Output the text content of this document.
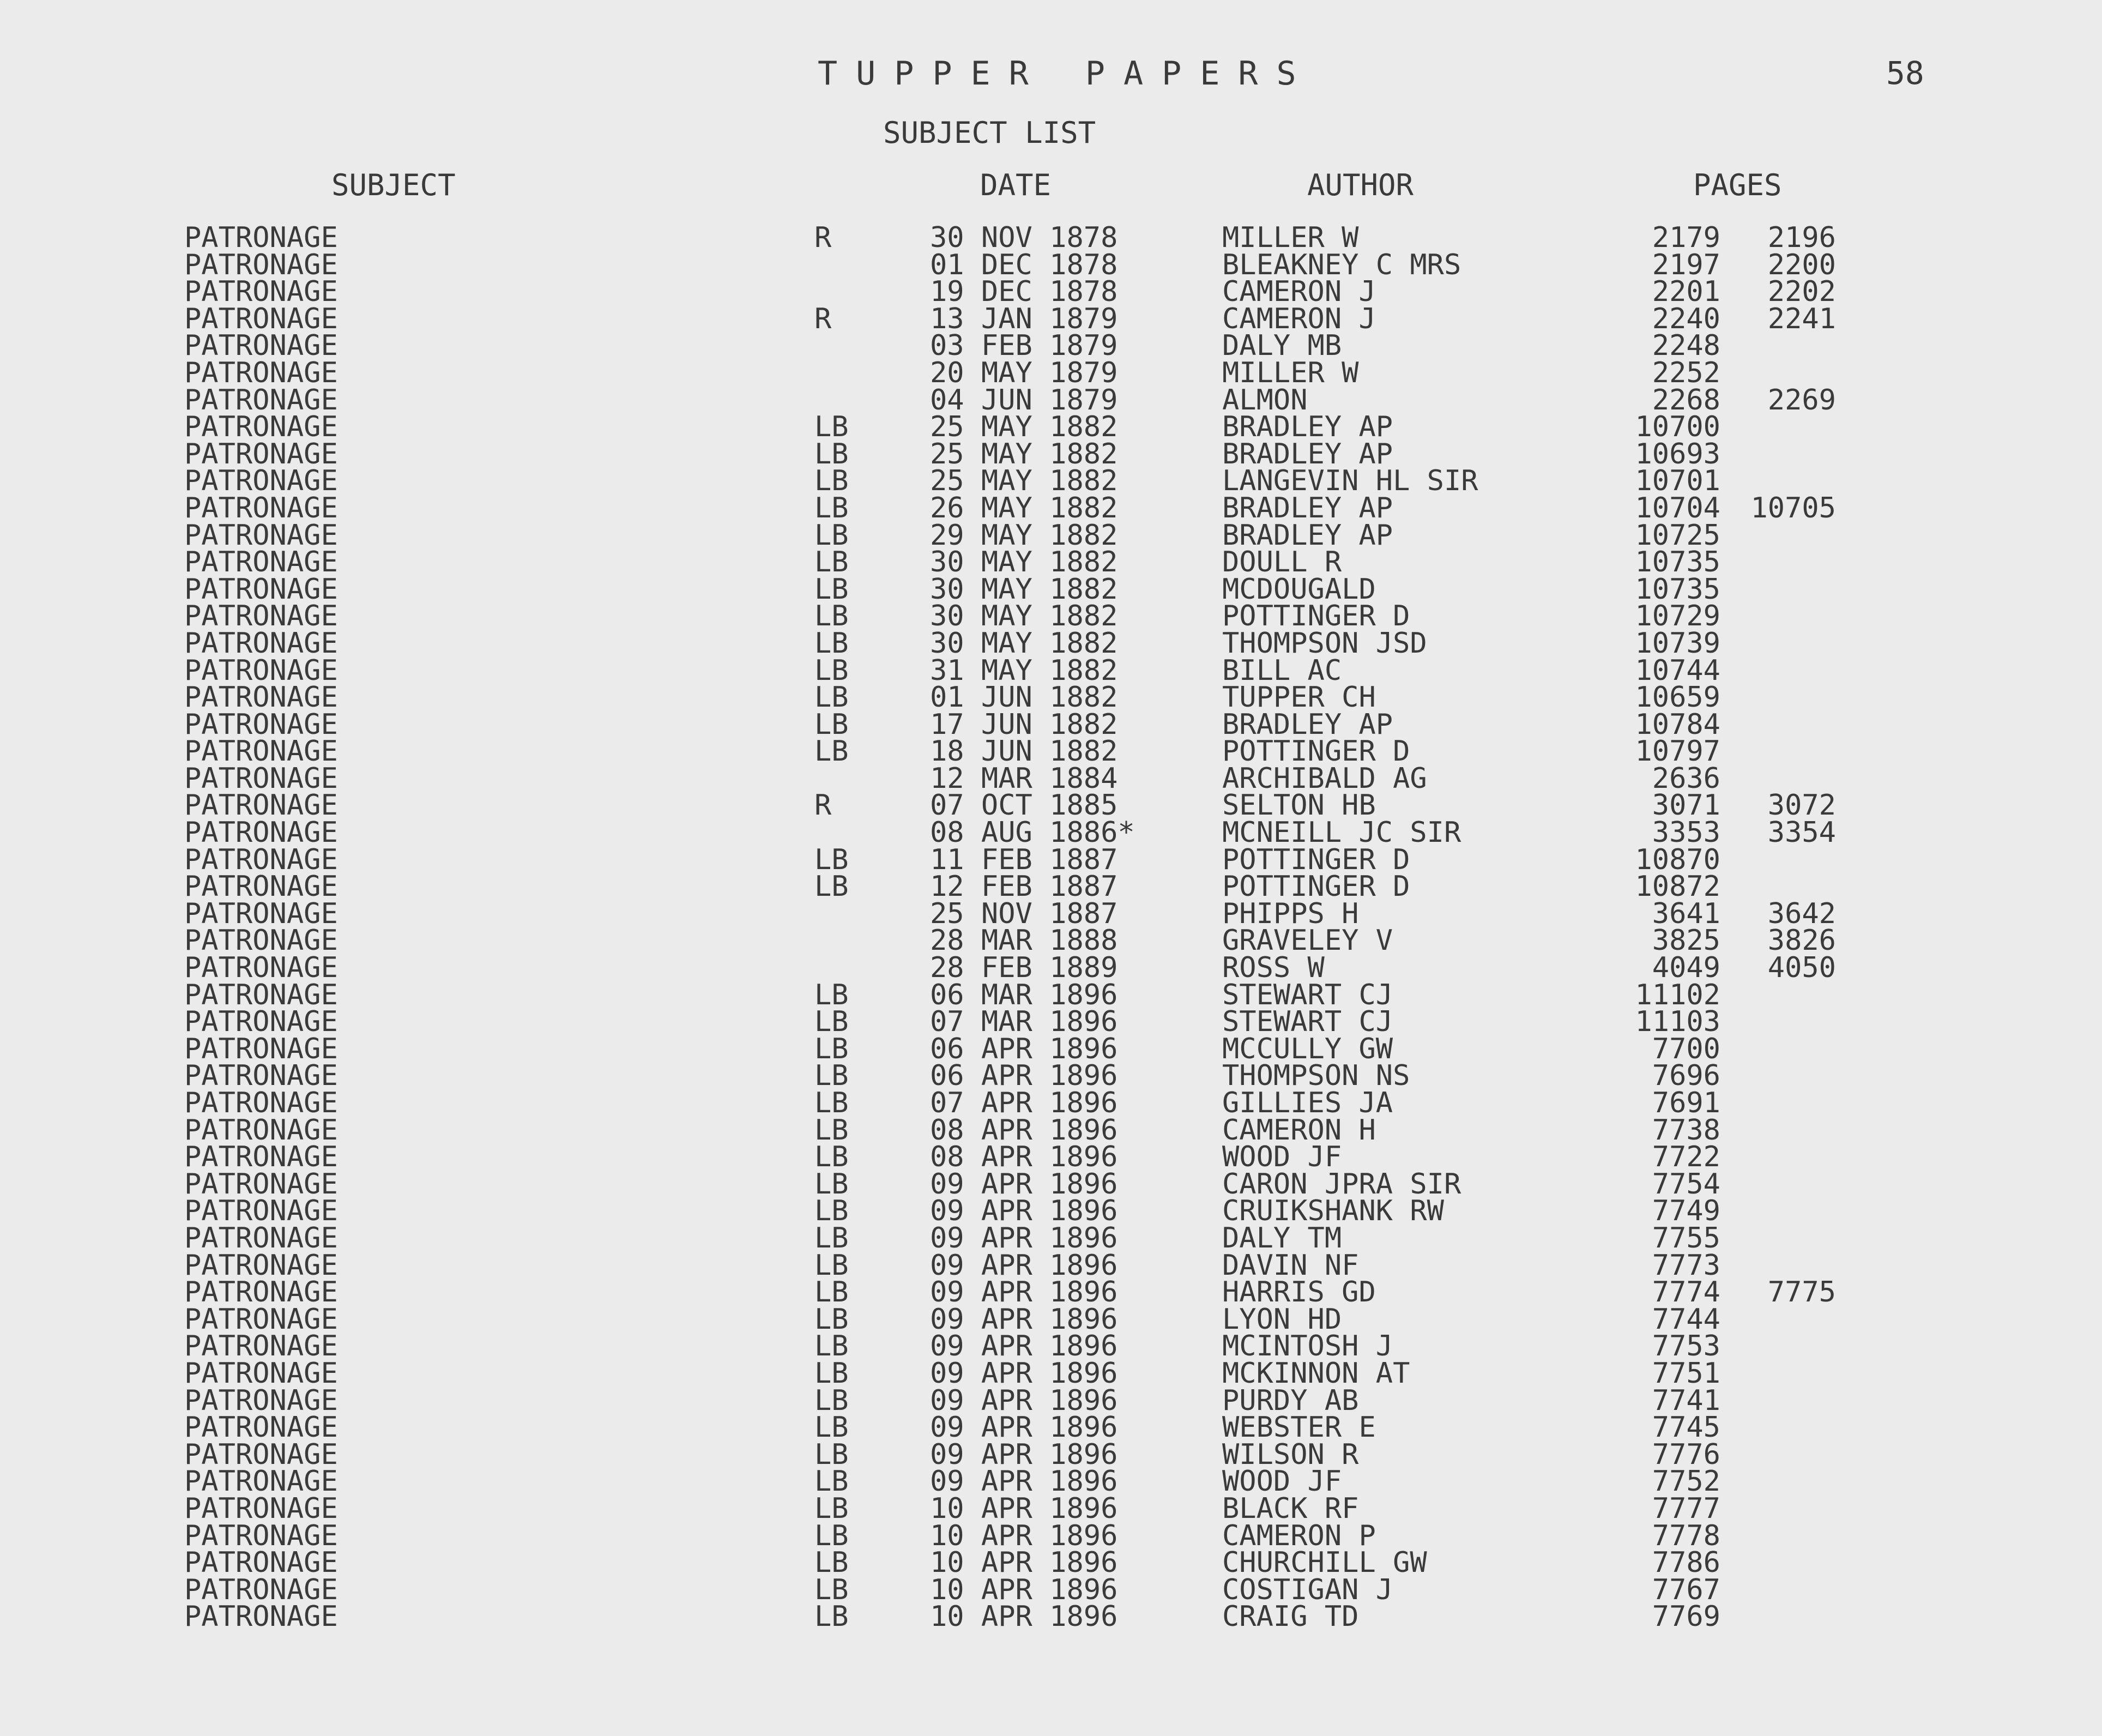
TUPPER PAPERS	58
SUBJECT LIST
SUBJECT	DATE	AUTHOR	PAGES
PATRONAGE	R	30 NOV 1878	MILLER W	2179 2196
PATRONAGE	01 DEC 1878	BLEAKNEY C MRS	2197 2200
PATRONAGE	19 DEC 1878	CAMERON J	2201 2202
PATRONAGE	R	13 JAN 1879	CAMERON J	2240 2241
PATRONAGE	03 FEB 1879	DALY MB	2248
PATRONAGE	20 MAY 1879	MILLER W	2252
PATRONAGE	04 JUN 1879	ALMON	2268 2269
PATRONAGE	LB	25 MAY 1882	BRADLEY AP	10700
PATRONAGE	LB	25 MAY 1882	BRADLEY AP	10693
PATRONAGE	LB	25 MAY 1882	LANGEVIN HL SIR	10701
PATRONAGE	LB	26 MAY 1882	BRADLEY AP	10704 10705
PATRONAGE	LB	29 MAY 1882	BRADLEY AP	10725
PATRONAGE	LB	30 MAY 1882	DOULL R	10735
PATRONAGE	LB	30 MAY 1882	MCDOUGALD	10735
PATRONAGE	LB	30 MAY 1882	POTTINGER D	10729
PATRONAGE	LB	30 MAY 1882	THOMPSON JSD	10739
PATRONAGE	LB	31 MAY 1882	BILL AC	10744
PATRONAGE	LB	01 JUN 1882	TUPPER CH	10659
PATRONAGE	LB	17 JUN 1882	BRADLEY AP	10784
PATRONAGE	LB	18 JUN 1882	POTTINGER D	10797
PATRONAGE	12 MAR 1884	ARCHIBALD AG	2636
PATRONAGE	R	07 OCT 1885	SELTON HB	3071 3072
PATRONAGE	08 AUG 1886*	MCNEILL JC SIR	3353 3354
PATRONAGE	LB	11 FEB 1887	POTTINGER D	10870
PATRONAGE	LB	12 FEB 1887	POTTINGER D	10872
PATRONAGE	25 NOV 1887	PHIPPS H	3641 3642
PATRONAGE	28 MAR 1888	GRAVELEY V	3825 3826
PATRONAGE	28 FEB 1889	ROSS W	4049 4050
PATRONAGE	LB	06 MAR 1896	STEWART CJ	11102
PATRONAGE	LB	07 MAR 1896	STEWART CJ	11103
PATRONAGE	LB	06 APR 1896	MCCULLY GW	7700
PATRONAGE	LB	06 APR 1896	THOMPSON NS	7696
PATRONAGE	LB	07 APR 1896	GILLIES JA	7691
PATRONAGE	LB	08 APR 1896	CAMERON H	7738
PATRONAGE	LB	08 APR 1896	WOOD JF	7722
PATRONAGE	LB	09 APR 1896	CARON JPRA SIR	7754
PATRONAGE	LB	09 APR 1896	CRUIKSHANK RW	7749
PATRONAGE	LB	09 APR 1896	DALY TM	7755
PATRONAGE	LB	09 APR 1896	DAVIN NF	7773
PATRONAGE	LB	09 APR 1896	HARRIS GD	7774 7775
PATRONAGE	LB	09 APR 1896	LYON HD	7744
PATRONAGE	LB	09 APR 1896	MCINTOSH J	7753
PATRONAGE	LB	09 APR 1896	MCKINNON AT	7751
PATRONAGE	LB	09 APR 1896	PURDY AB	7741
PATRONAGE	LB	09 APR 1896	WEBSTER E	7745
PATRONAGE	LB	09 APR 1896	WILSON R	7776
PATRONAGE	LB	09 APR 1896	WOOD JF	7752
PATRONAGE	LB	10 APR 1896	BLACK RF	7777
PATRONAGE	LB	10 APR 1896	CAMERON P	7778
PATRONAGE	LB	10 APR 1896	CHURCHILL GW	7786
PATRONAGE	LB	10 APR 1896	COSTIGAN J	7767
PATRONAGE	LB	10 APR 1896	CRAIG TD	7769
